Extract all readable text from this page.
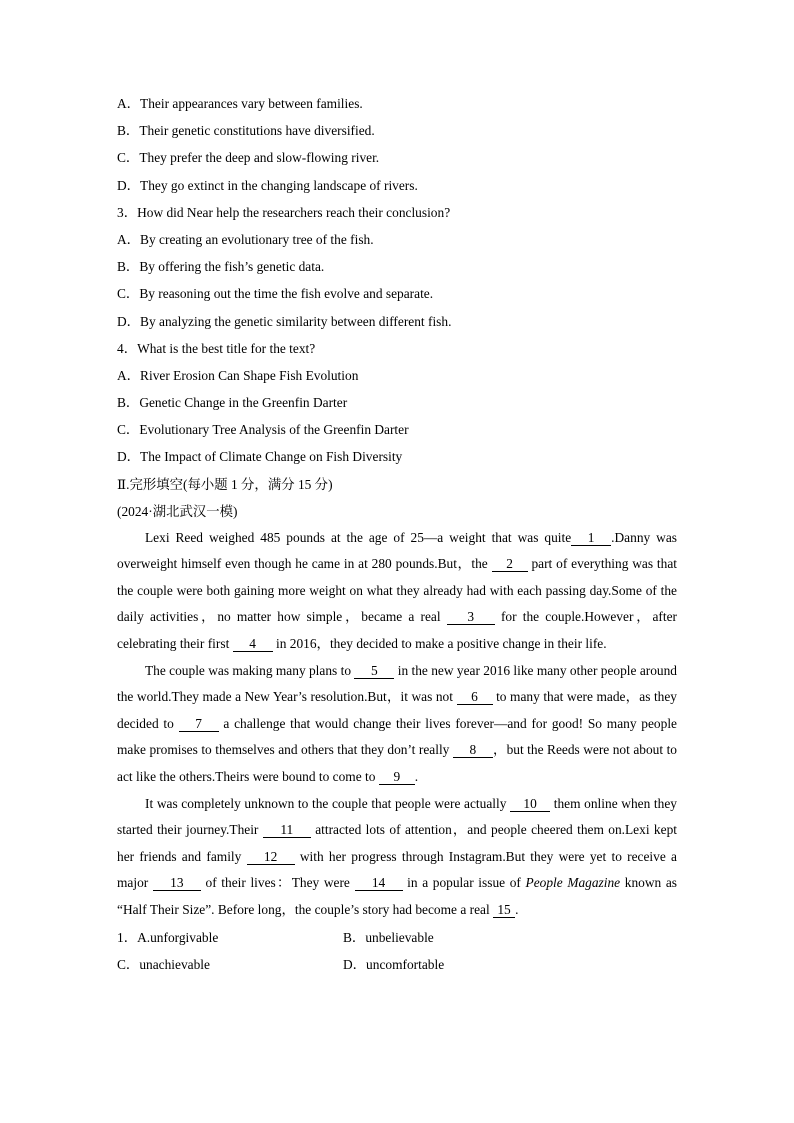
A．Their appearances vary between families.
B．Their genetic constitutions have diversified.
C．They prefer the deep and slow-flowing river.
D．They go extinct in the changing landscape of rivers.
3．How did Near help the researchers reach their conclusion?
A．By creating an evolutionary tree of the fish.
B．By offering the fish’s genetic data.
C．By reasoning out the time the fish evolve and separate.
D．By analyzing the genetic similarity between different fish.
4．What is the best title for the text?
A．River Erosion Can Shape Fish Evolution
B．Genetic Change in the Greenfin Darter
C．Evolutionary Tree Analysis of the Greenfin Darter
D．The Impact of Climate Change on Fish Diversity
Ⅱ.完形填空(每小题 1 分，满分 15 分)
(2024·湖北武汉一模)
Lexi Reed weighed 485 pounds at the age of 25—a weight that was quite 1 .Danny was overweight himself even though he came in at 280 pounds.But，the 2 part of everything was that the couple were both gaining more weight on what they already had with each passing day.Some of the daily activities，no matter how simple，became a real 3 for the couple.However，after celebrating their first 4 in 2016，they decided to make a positive change in their life.
The couple was making many plans to 5 in the new year 2016 like many other people around the world.They made a New Year’s resolution.But，it was not 6 to many that were made，as they decided to 7 a challenge that would change their lives forever—and for good! So many people make promises to themselves and others that they don’t really 8 ，but the Reeds were not about to act like the others.Theirs were bound to come to 9 .
It was completely unknown to the couple that people were actually 10 them online when they started their journey.Their 11 attracted lots of attention，and people cheered them on.Lexi kept her friends and family 12 with her progress through Instagram.But they were yet to receive a major 13 of their lives：They were 14 in a popular issue of People Magazine known as “Half Their Size”. Before long，the couple’s story had become a real 15 .
1．A.unforgivable	B．unbelievable
C．unachievable	D．uncomfortable
